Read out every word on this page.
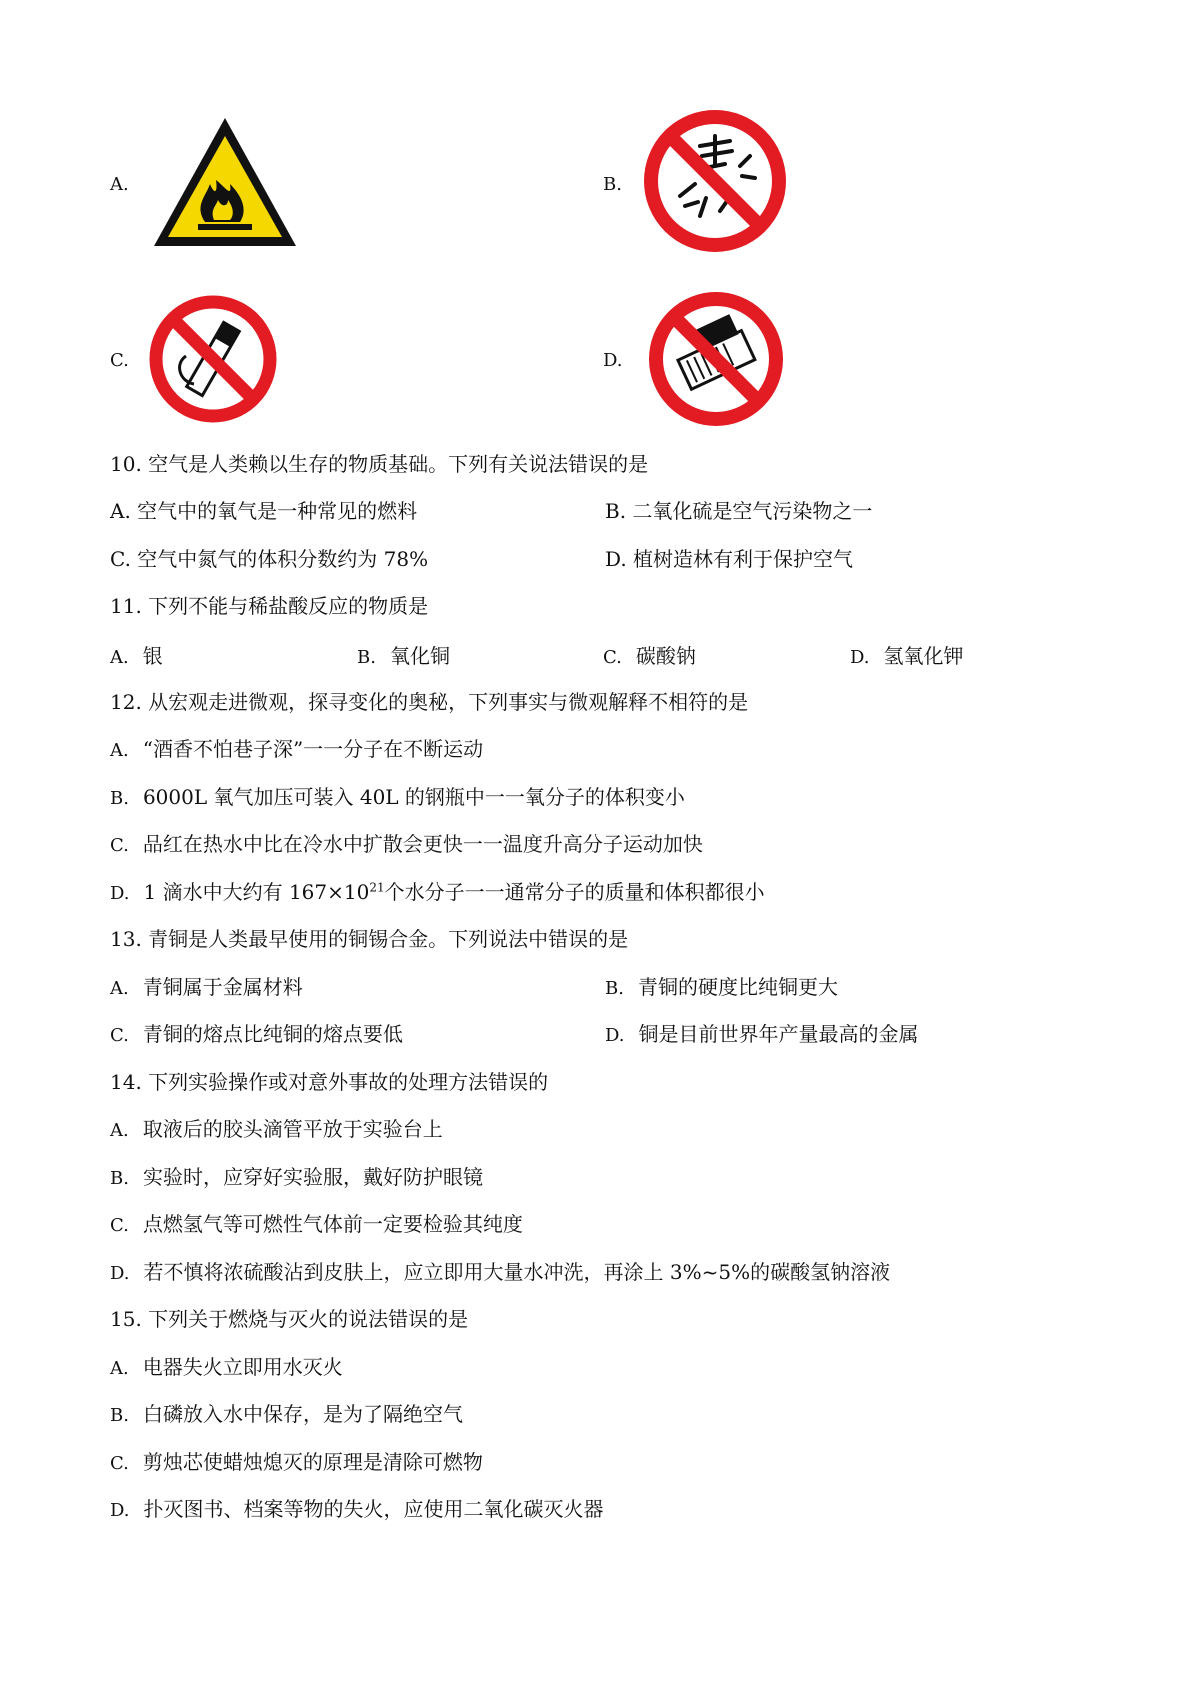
A.	B.
C.	D.
10. 空气是人类赖以生存的物质基础。下列有关说法错误的是
A. 空气中的氧气是一种常见的燃料	B. 二氧化硫是空气污染物之一
C. 空气中氮气的体积分数约为 78%	D. 植树造林有利于保护空气
11. 下列不能与稀盐酸反应的物质是
A. 银	B. 氧化铜	C. 碳酸钠	D. 氢氧化钾
12. 从宏观走进微观，探寻变化的奥秘，下列事实与微观解释不相符的是
A. “酒香不怕巷子深”一一分子在不断运动
B. 6000L 氧气加压可装入 40L 的钢瓶中一一氧分子的体积变小
C. 品红在热水中比在冷水中扩散会更快一一温度升高分子运动加快
D. 1 滴水中大约有 $167\times 10^{21}$个水分子一一通常分子的质量和体积都很小
13. 青铜是人类最早使用的铜锡合金。下列说法中错误的是
A. 青铜属于金属材料	B. 青铜的硬度比纯铜更大
C. 青铜的熔点比纯铜的熔点要低	D. 铜是目前世界年产量最高的金属
14. 下列实验操作或对意外事故的处理方法错误的
A. 取液后的胶头滴管平放于实验台上
B. 实验时，应穿好实验服，戴好防护眼镜
C. 点燃氢气等可燃性气体前一定要检验其纯度
D. 若不慎将浓硫酸沾到皮肤上，应立即用大量水冲洗，再涂上 3%~5%的碳酸氢钠溶液
15. 下列关于燃烧与灭火的说法错误的是
A. 电器失火立即用水灭火
B. 白磷放入水中保存，是为了隔绝空气
C. 剪烛芯使蜡烛熄灭的原理是清除可燃物
D. 扑灭图书、档案等物的失火，应使用二氧化碳灭火器
